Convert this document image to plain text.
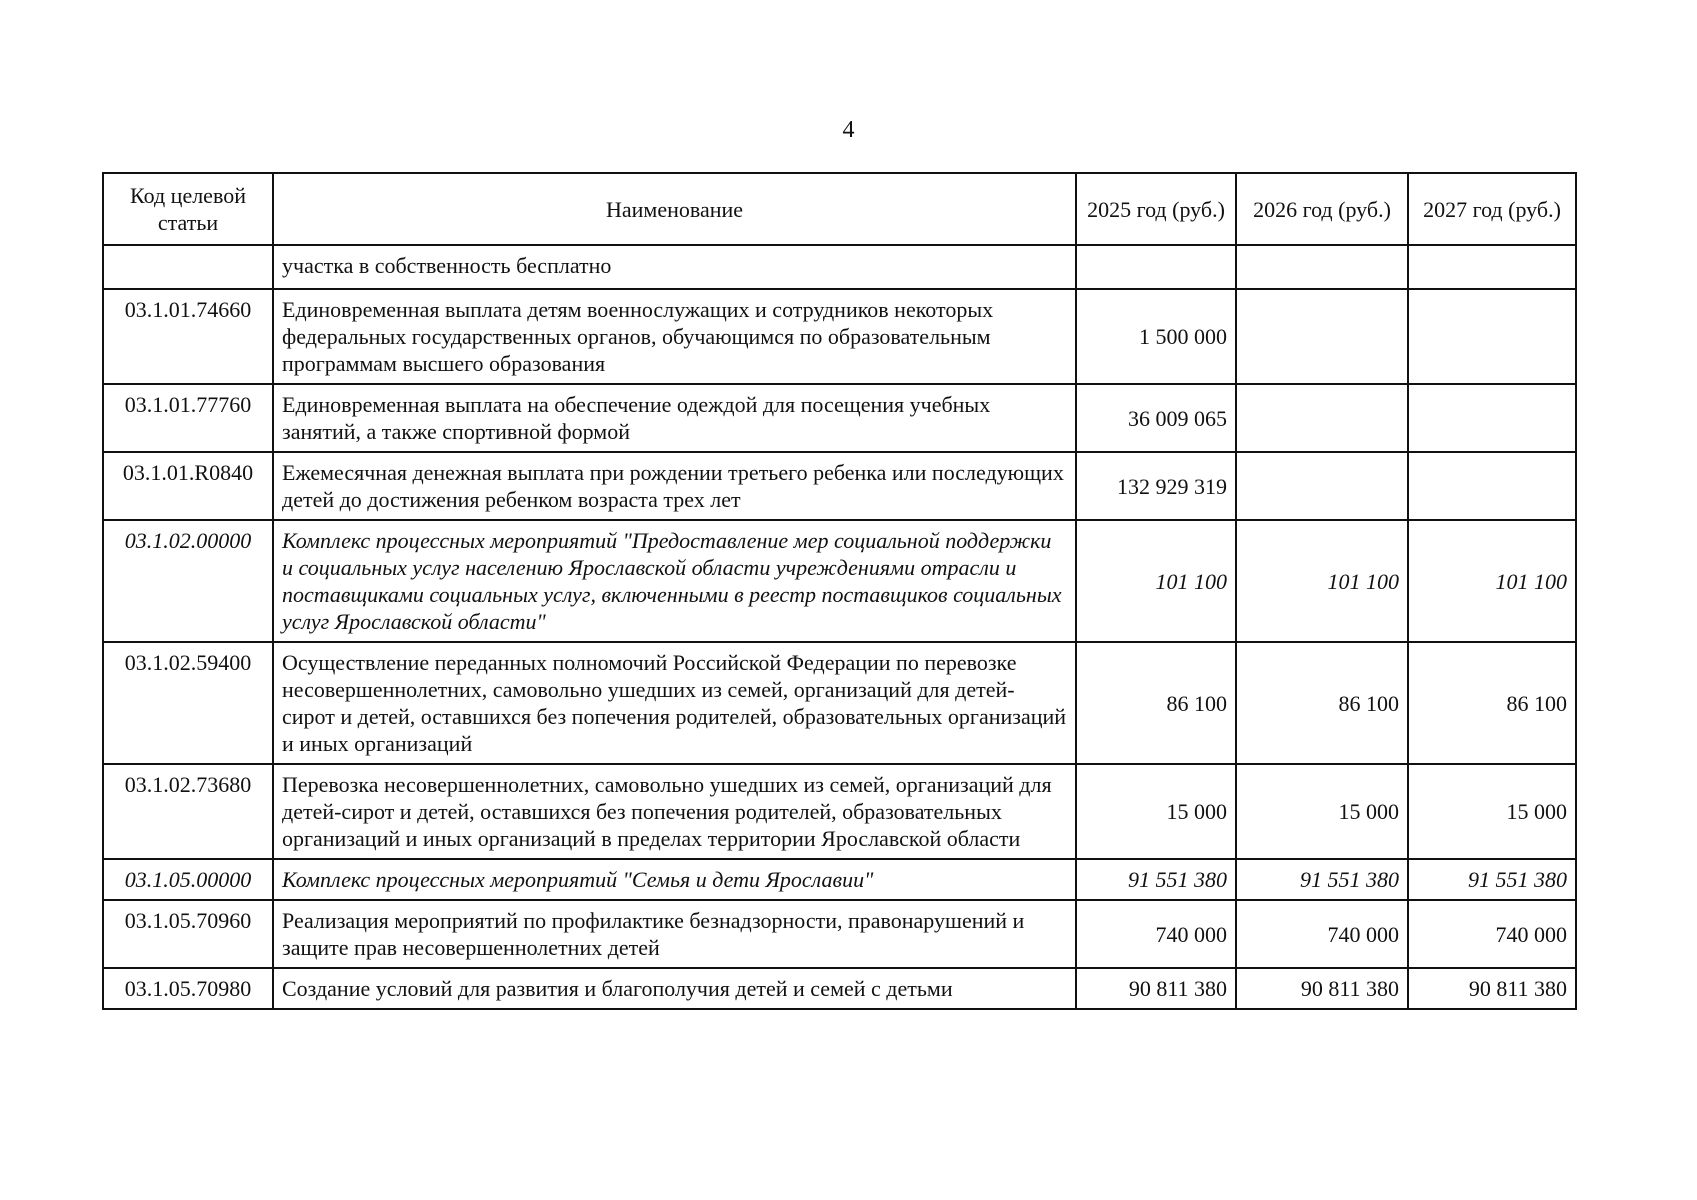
4
Код целевой статьи	Наименование	2025 год (руб.)	2026 год (руб.)	2027 год (руб.)
	участка в собственность бесплатно			
03.1.01.74660	Единовременная выплата детям военнослужащих и сотрудников некоторых федеральных государственных органов, обучающимся по образовательным программам высшего образования	1 500 000		
03.1.01.77760	Единовременная выплата на обеспечение одеждой для посещения учебных занятий, а также спортивной формой	36 009 065		
03.1.01.R0840	Ежемесячная денежная выплата при рождении третьего ребенка или последующих детей до достижения ребенком возраста трех лет	132 929 319		
03.1.02.00000	Комплекс процессных мероприятий "Предоставление мер социальной поддержки и социальных услуг населению Ярославской области учреждениями отрасли и поставщиками социальных услуг, включенными в реестр поставщиков социальных услуг Ярославской области"	101 100	101 100	101 100
03.1.02.59400	Осуществление переданных полномочий Российской Федерации по перевозке несовершеннолетних, самовольно ушедших из семей, организаций для детей-сирот и детей, оставшихся без попечения родителей, образовательных организаций и иных организаций	86 100	86 100	86 100
03.1.02.73680	Перевозка несовершеннолетних, самовольно ушедших из семей, организаций для детей-сирот и детей, оставшихся без попечения родителей, образовательных организаций и иных организаций в пределах территории Ярославской области	15 000	15 000	15 000
03.1.05.00000	Комплекс процессных мероприятий "Семья и дети Ярославии"	91 551 380	91 551 380	91 551 380
03.1.05.70960	Реализация мероприятий по профилактике безнадзорности, правонарушений и защите прав несовершеннолетних детей	740 000	740 000	740 000
03.1.05.70980	Создание условий для развития и благополучия детей и семей с детьми	90 811 380	90 811 380	90 811 380
